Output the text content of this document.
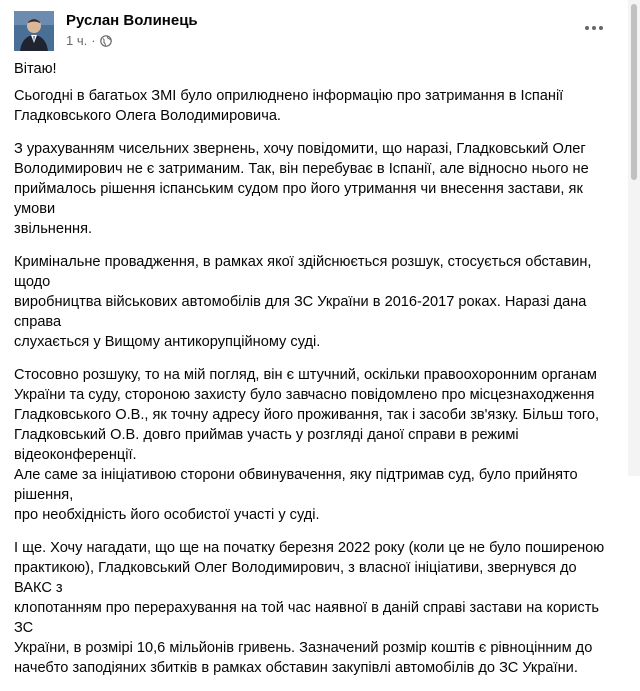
Руслан Волинець
1 ч. ·

Вітаю!

Сьогодні в багатьох ЗМІ було оприлюднено інформацію про затримання в Іспанії
Гладковського Олега Володимировича.

З урахуванням чисельних звернень, хочу повідомити, що наразі, Гладковський Олег
Володимирович не є затриманим. Так, він перебуває в Іспанії, але відносно нього не
приймалось рішення іспанським судом про його утримання чи внесення застави, як умови
звільнення.

Кримінальне провадження, в рамках якої здійснюється розшук, стосується обставин, щодо
виробництва військових автомобілів для ЗС України в 2016-2017 роках. Наразі дана справа
слухається у Вищому антикорупційному суді.

Стосовно розшуку, то на мій погляд, він є штучний, оскільки правоохоронним органам
України та суду, стороною захисту було завчасно повідомлено про місцезнаходження
Гладковського О.В., як точну адресу його проживання, так і засоби зв'язку. Більш того,
Гладковський О.В. довго приймав участь у розгляді даної справи в режимі відеоконференції.
Але саме за ініціативою сторони обвинувачення, яку підтримав суд, було прийнято рішення,
про необхідність його особистої участі у суді.

І ще. Хочу нагадати, що ще на початку березня 2022 року (коли це не було поширеною
практикою), Гладковський Олег Володимирович, з власної ініціативи, звернувся до ВАКС з
клопотанням про перерахування на той час наявної в даній справі застави на користь ЗС
України, в розмірі 10,6 мільйонів гривень. Зазначений розмір коштів є рівноцінним до
начебто заподіяних збитків в рамках обставин закупівлі автомобілів до ЗС України.
